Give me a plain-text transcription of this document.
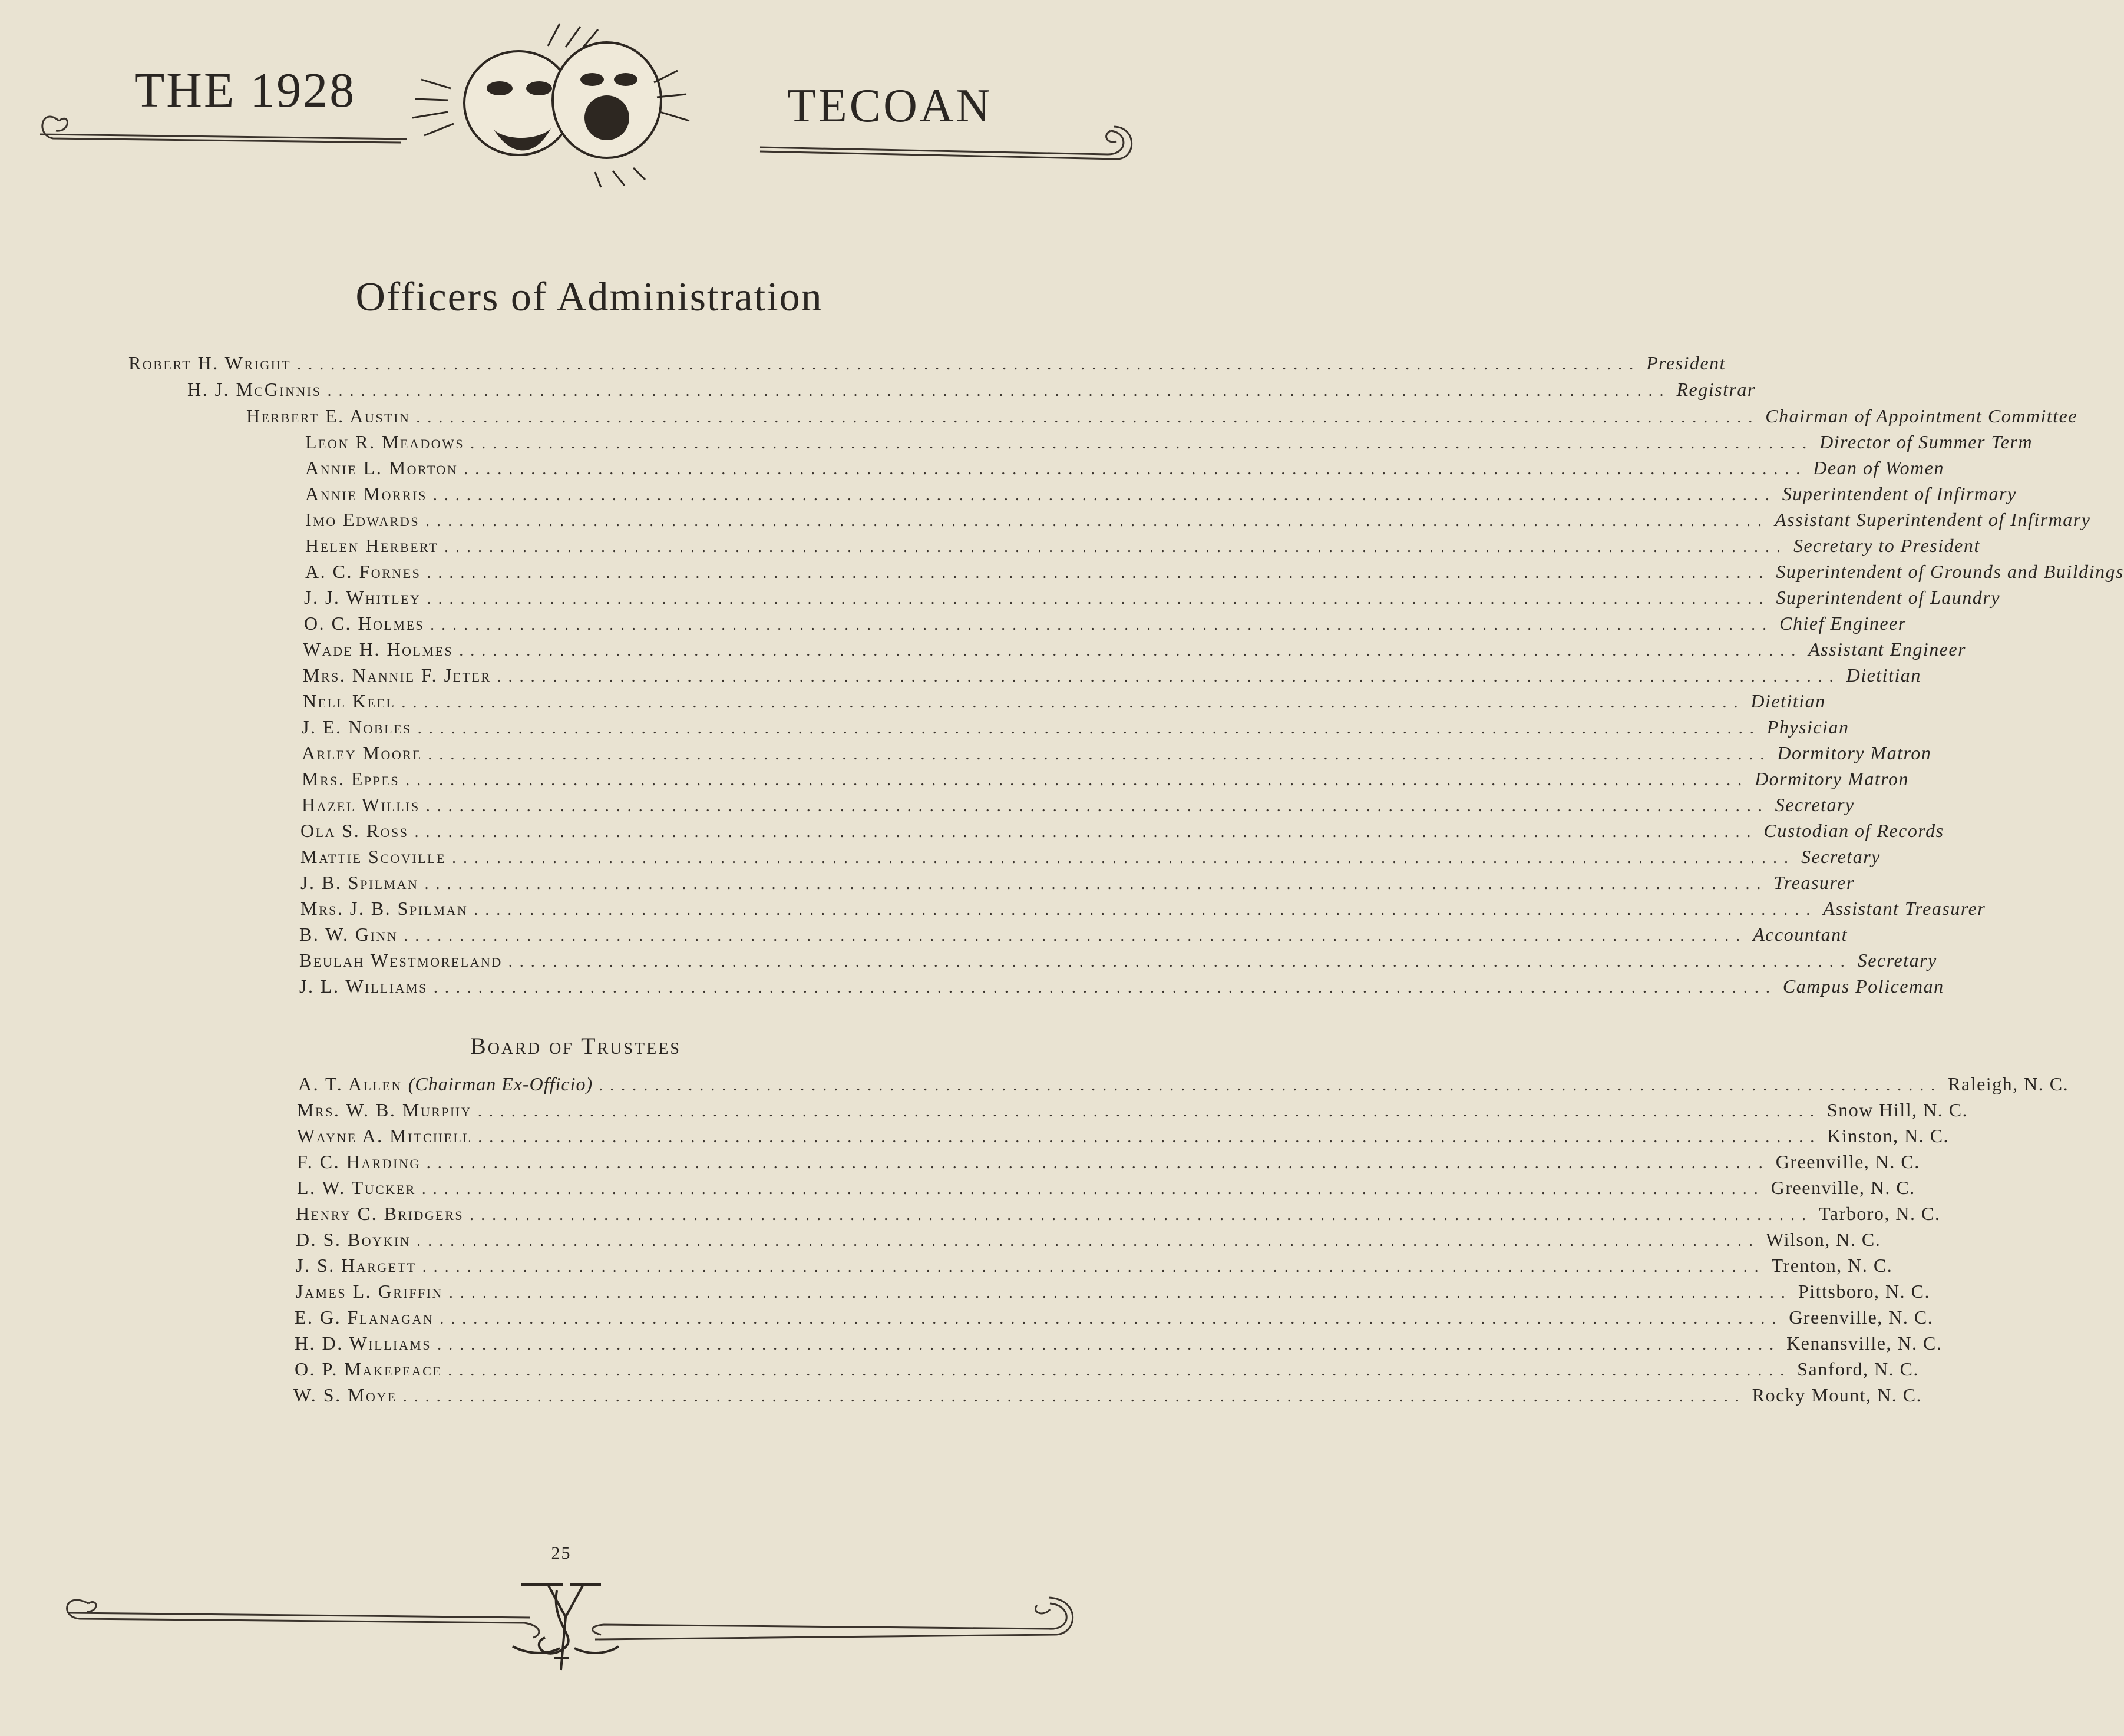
THE 1928	TECOAN
Officers of Administration
Robert H. Wright ........................................................................................................................ President
H. J. McGinnis ........................................................................................................................ Registrar
Herbert E. Austin ........................................................................................................................ Chairman of Appointment Committee
Leon R. Meadows ........................................................................................................................ Director of Summer Term
Annie L. Morton ........................................................................................................................ Dean of Women
Annie Morris ........................................................................................................................ Superintendent of Infirmary
Imo Edwards ........................................................................................................................ Assistant Superintendent of Infirmary
Helen Herbert ........................................................................................................................ Secretary to President
A. C. Fornes ........................................................................................................................ Superintendent of Grounds and Buildings
J. J. Whitley ........................................................................................................................ Superintendent of Laundry
O. C. Holmes ........................................................................................................................ Chief Engineer
Wade H. Holmes ........................................................................................................................ Assistant Engineer
Mrs. Nannie F. Jeter ........................................................................................................................ Dietitian
Nell Keel ........................................................................................................................ Dietitian
J. E. Nobles ........................................................................................................................ Physician
Arley Moore ........................................................................................................................ Dormitory Matron
Mrs. Eppes ........................................................................................................................ Dormitory Matron
Hazel Willis ........................................................................................................................ Secretary
Ola S. Ross ........................................................................................................................ Custodian of Records
Mattie Scoville ........................................................................................................................ Secretary
J. B. Spilman ........................................................................................................................ Treasurer
Mrs. J. B. Spilman ........................................................................................................................ Assistant Treasurer
B. W. Ginn ........................................................................................................................ Accountant
Beulah Westmoreland ........................................................................................................................ Secretary
J. L. Williams ........................................................................................................................ Campus Policeman
Board of Trustees
A. T. Allen (Chairman Ex-Officio) ........................................................................................................................ Raleigh, N. C.
Mrs. W. B. Murphy ........................................................................................................................ Snow Hill, N. C.
Wayne A. Mitchell ........................................................................................................................ Kinston, N. C.
F. C. Harding ........................................................................................................................ Greenville, N. C.
L. W. Tucker ........................................................................................................................ Greenville, N. C.
Henry C. Bridgers ........................................................................................................................ Tarboro, N. C.
D. S. Boykin ........................................................................................................................ Wilson, N. C.
J. S. Hargett ........................................................................................................................ Trenton, N. C.
James L. Griffin ........................................................................................................................ Pittsboro, N. C.
E. G. Flanagan ........................................................................................................................ Greenville, N. C.
H. D. Williams ........................................................................................................................ Kenansville, N. C.
O. P. Makepeace ........................................................................................................................ Sanford, N. C.
W. S. Moye ........................................................................................................................ Rocky Mount, N. C.
25
